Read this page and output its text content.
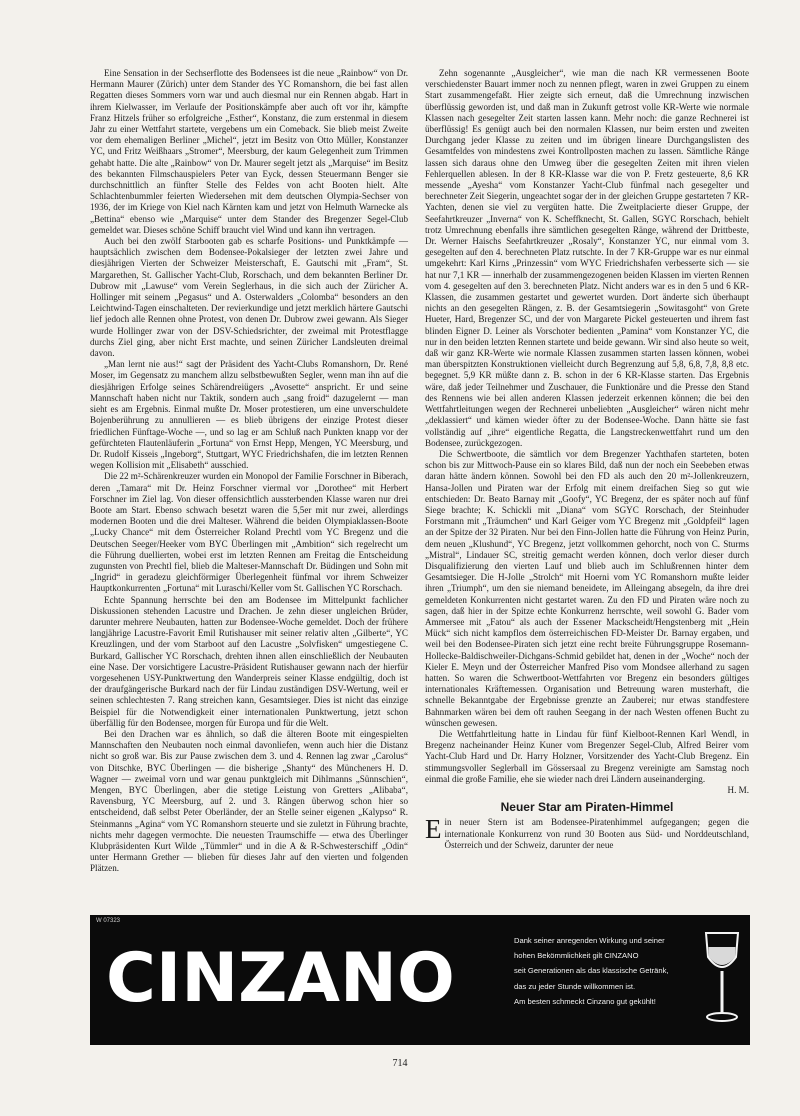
Eine Sensation in der Sechserflotte des Bodensees ist die neue „Rainbow“ von Dr. Hermann Maurer (Zürich) unter dem Stander des YC Romanshorn, die bei fast allen Regatten dieses Sommers vorn war und auch diesmal nur ein Rennen abgab. Hart in ihrem Kielwasser, im Verlaufe der Positionskämpfe aber auch oft vor ihr, kämpfte Franz Hitzels früher so erfolgreiche „Esther“, Konstanz, die zum erstenmal in diesem Jahr zu einer Wettfahrt startete, vergebens um ein Comeback. Sie blieb meist Zweite vor dem ehemaligen Berliner „Michel“, jetzt im Besitz von Otto Müller, Konstanzer YC, und Fritz Weißhaars „Stromer“, Meersburg, der kaum Gelegenheit zum Trimmen gehabt hatte. Die alte „Rainbow“ von Dr. Maurer segelt jetzt als „Marquise“ im Besitz des bekannten Filmschauspielers Peter van Eyck, dessen Steuermann Benger sie durchschnittlich an fünfter Stelle des Feldes von acht Booten hielt. Alte Schlachtenbummler feierten Wiedersehen mit dem deutschen Olympia-Sechser von 1936, der im Kriege von Kiel nach Kärnten kam und jetzt von Helmuth Warnecke als „Bettina“ ebenso wie „Marquise“ unter dem Stander des Bregenzer Segel-Club gemeldet war. Dieses schöne Schiff braucht viel Wind und kann ihn vertragen.

Auch bei den zwölf Starbooten gab es scharfe Positions- und Punktkämpfe — hauptsächlich zwischen dem Bodensee-Pokalsieger der letzten zwei Jahre und diesjährigen Vierten der Schweizer Meisterschaft, E. Gautschi mit „Fram“, St. Margarethen, St. Gallischer Yacht-Club, Rorschach, und dem bekannten Berliner Dr. Dubrow mit „Lawuse“ vom Verein Seglerhaus, in die sich auch der Züricher A. Hollinger mit seinem „Pegasus“ und A. Osterwalders „Colomba“ besonders an den Leichtwind-Tagen einschalteten. Der revierkundige und jetzt merklich härtere Gautschi lief jedoch alle Rennen ohne Protest, von denen Dr. Dubrow zwei gewann. Als Sieger wurde Hollinger zwar von der DSV-Schiedsrichter, der zweimal mit Protestflagge durchs Ziel ging, aber nicht Erst machte, und seinen Züricher Landsleuten dreimal davon.

„Man lernt nie aus!“ sagt der Präsident des Yacht-Clubs Romanshorn, Dr. René Moser, im Gegensatz zu manchem allzu selbstbewußten Segler, wenn man ihn auf die diesjährigen Erfolge seines Schärendreiügers „Avosette“ anspricht. Er und seine Mannschaft haben nicht nur Taktik, sondern auch „sang froid“ dazugelernt — man sieht es am Ergebnis. Einmal mußte Dr. Moser protestieren, um eine unverschuldete Bojenberührung zu annullieren — es blieb übrigens der einzige Protest dieser friedlichen Fünftage-Woche —, und so lag er am Schluß nach Punkten knapp vor der gefürchteten Flautenläuferin „Fortuna“ von Ernst Hepp, Mengen, YC Meersburg, und Dr. Rudolf Kisseis „Ingeborg“, Stuttgart, WYC Friedrichshafen, die im letzten Rennen wegen Kollision mit „Elisabeth“ ausschied.

Die 22 m²-Schärenkreuzer wurden ein Monopol der Familie Forschner in Biberach, deren „Tamara“ mit Dr. Heinz Forschner viermal vor „Dorothee“ mit Herbert Forschner im Ziel lag. Von dieser offensichtlich aussterbenden Klasse waren nur drei Boote am Start. Ebenso schwach besetzt waren die 5,5er mit nur zwei, allerdings modernen Booten und die drei Malteser. Während die beiden Olympiaklassen-Boote „Lucky Chance“ mit dem Österreicher Roland Prechtl vom YC Bregenz und die Deutschen Seeger/Heeker vom BYC Überlingen mit „Ambition“ sich regelrecht um die Führung duellierten, wobei erst im letzten Rennen am Freitag die Entscheidung zugunsten von Prechtl fiel, blieb die Malteser-Mannschaft Dr. Büdingen und Sohn mit „Ingrid“ in geradezu gleichförmiger Überlegenheit fünfmal vor ihrem Schweizer Hauptkonkurrenten „Fortuna“ mit Luraschi/Keller vom St. Gallischen YC Rorschach.

Echte Spannung herrschte bei den am Bodensee im Mittelpunkt fachlicher Diskussionen stehenden Lacustre und Drachen. Je zehn dieser ungleichen Brüder, darunter mehrere Neubauten, hatten zur Bodensee-Woche gemeldet. Doch der frühere langjährige Lacustre-Favorit Emil Rutishauser mit seiner relativ alten „Gilberte“, YC Kreuzlingen, und der vom Starboot auf den Lacustre „Solvfisken“ umgestiegene C. Burkard, Gallischer YC Rorschach, drehten ihnen allen einschließlich der Neubauten eine Nase. Der vorsichtigere Lacustre-Präsident Rutishauser gewann nach der hierfür vorgesehenen USY-Punktwertung den Wanderpreis seiner Klasse endgültig, doch ist der draufgängerische Burkard nach der für Lindau zuständigen DSV-Wertung, weil er seinen schlechtesten 7. Rang streichen kann, Gesamtsieger. Dies ist nicht das einzige Beispiel für die Notwendigkeit einer internationalen Punktwertung, jetzt schon überfällig für den Bodensee, morgen für Europa und für die Welt.

Bei den Drachen war es ähnlich, so daß die älteren Boote mit eingespielten Mannschaften den Neubauten noch einmal davonliefen, wenn auch hier die Distanz nicht so groß war. Bis zur Pause zwischen dem 3. und 4. Rennen lag zwar „Carolus“ von Ditschke, BYC Überlingen — die bisherige „Shanty“ des Müncheners H. D. Wagner — zweimal vorn und war genau punktgleich mit Dihlmanns „Sünnschien“, Mengen, BYC Überlingen, aber die stetige Leistung von Gretters „Alibaba“, Ravensburg, YC Meersburg, auf 2. und 3. Rängen überwog schon hier so entscheidend, daß selbst Peter Oberländer, der an Stelle seiner eigenen „Kalypso“ R. Steinmanns „Agina“ vom YC Romanshorn steuerte und sie zuletzt in Führung brachte, nichts mehr dagegen vermochte. Die neuesten Traumschiffe — etwa des Überlinger Klubpräsidenten Kurt Wilde „Tümmler“ und in die A & R-Schwesterschiff „Odin“ unter Hermann Grether — blieben für dieses Jahr auf den vierten und folgenden Plätzen.

Zehn sogenannte „Ausgleicher“, wie man die nach KR vermessenen Boote verschiedenster Bauart immer noch zu nennen pflegt, waren in zwei Gruppen zu einem Start zusammengefaßt. Hier zeigte sich erneut, daß die Umrechnung inzwischen überflüssig geworden ist, und daß man in Zukunft getrost volle KR-Werte wie normale Klassen nach gesegelter Zeit starten lassen kann. Mehr noch: die ganze Rechnerei ist überflüssig! Es genügt auch bei den normalen Klassen, nur beim ersten und zweiten Durchgang jeder Klasse zu zeiten und im übrigen lineare Durchgangslisten des Gesamtfeldes von mindestens zwei Kontrollposten machen zu lassen. Sämtliche Ränge lassen sich daraus ohne den Umweg über die gesegelten Zeiten mit ihren vielen Fehlerquellen ablesen. In der 8 KR-Klasse war die von P. Fretz gesteuerte, 8,6 KR messende „Ayesha“ vom Konstanzer Yacht-Club fünfmal nach gesegelter und berechneter Zeit Siegerin, ungeachtet sogar der in der gleichen Gruppe gestarteten 7 KR-Yachten, denen sie viel zu vergüten hatte. Die Zweitplacierte dieser Gruppe, der Seefahrtkreuzer „Inverna“ von K. Scheffknecht, St. Gallen, SGYC Rorschach, behielt trotz Umrechnung ebenfalls ihre sämtlichen gesegelten Ränge, während der Drittbeste, Dr. Werner Haischs Seefahrtkreuzer „Rosaly“, Konstanzer YC, nur einmal vom 3. gesegelten auf den 4. berechneten Platz rutschte. In der 7 KR-Gruppe war es nur einmal umgekehrt: Karl Kirns „Prinzessin“ vom WYC Friedrichshafen verbesserte sich — sie hat nur 7,1 KR — innerhalb der zusammengezogenen beiden Klassen im vierten Rennen vom 4. gesegelten auf den 3. berechneten Platz. Nicht anders war es in den 5 und 6 KR-Klassen, die zusammen gestartet und gewertet wurden. Dort änderte sich überhaupt nichts an den gesegelten Rängen, z. B. der Gesamtsiegerin „Sowitasgoht“ von Grete Hueter, Hard, Bregenzer SC, und der von Margarete Pickel gesteuerten und ihrem fast blinden Eigner D. Leiner als Vorschoter bedienten „Pamina“ vom Konstanzer YC, die nur in den beiden letzten Rennen startete und beide gewann. Wir sind also heute so weit, daß wir ganz KR-Werte wie normale Klassen zusammen starten lassen können, wobei man überspitzten Konstruktionen vielleicht durch Begrenzung auf 5,8, 6,8, 7,8, 8,8 etc. begegnet. 5,9 KR müßte dann z. B. schon in der 6 KR-Klasse starten. Das Ergebnis wäre, daß jeder Teilnehmer und Zuschauer, die Funktionäre und die Presse den Stand des Rennens wie bei allen anderen Klassen jederzeit erkennen können; die bei den Wettfahrtleitungen wegen der Rechnerei unbeliebten „Ausgleicher“ wären nicht mehr „deklassiert“ und kämen wieder öfter zu der Bodensee-Woche. Dann hätte sie fast vollständig auf „ihre“ eigentliche Regatta, die Langstreckenwettfahrt rund um den Bodensee, zurückgezogen.

Die Schwertboote, die sämtlich vor dem Bregenzer Yachthafen starteten, boten schon bis zur Mittwoch-Pause ein so klares Bild, daß nun der noch ein Seebeben etwas daran hätte ändern können. Sowohl bei den FD als auch den 20 m²-Jollenkreuzern, Hansa-Jollen und Piraten war der Erfolg mit einem dreifachen Sieg so gut wie entschieden: Dr. Beato Barnay mit „Goofy“, YC Bregenz, der es später noch auf fünf Siege brachte; K. Schickli mit „Diana“ vom SGYC Rorschach, der Steinhuder Forstmann mit „Träumchen“ und Karl Geiger vom YC Bregenz mit „Goldpfeil“ lagen an der Spitze der 32 Piraten. Nur bei den Finn-Jollen hatte die Führung von Heinz Purin, dem neuen „Klushund“, YC Bregenz, jetzt vollkommen gehorcht, noch von C. Sturms „Mistral“, Lindauer SC, streitig gemacht werden können, doch verlor dieser durch Disqualifizierung den vierten Lauf und blieb auch im Schlußrennen hinter dem Gesamtsieger. Die H-Jolle „Strolch“ mit Hoerni vom YC Romanshorn mußte leider ihren „Triumph“, um den sie niemand beneidete, im Alleingang absegeln, da ihre drei gemeldeten Konkurrenten nicht gestartet waren. Zu den FD und Piraten wäre noch zu sagen, daß hier in der Spitze echte Konkurrenz herrschte, weil sowohl G. Bader vom Ammersee mit „Fatou“ als auch der Essener Mackscheidt/Hengstenberg mit „Hein Mück“ sich nicht kampflos dem österreichischen FD-Meister Dr. Barnay ergaben, und weil bei den Bodensee-Piraten sich jetzt eine recht breite Führungsgruppe Rosemann-Hollecke-Baldischweiler-Dichgans-Schmid gebildet hat, denen in der „Woche“ noch der Kieler E. Meyn und der Österreicher Manfred Piso vom Mondsee allerhand zu sagen hatten. So waren die Schwertboot-Wettfahrten vor Bregenz ein besonders gültiges internationales Kräftemessen. Organisation und Betreuung waren musterhaft, die schnelle Bekanntgabe der Ergebnisse grenzte an Zauberei; nur etwas standfestere Bahnmarken wären bei dem oft rauhen Seegang in der nach Westen offenen Bucht zu wünschen gewesen.

Die Wettfahrtleitung hatte in Lindau für fünf Kielboot-Rennen Karl Wendl, in Bregenz nacheinander Heinz Kuner vom Bregenzer Segel-Club, Alfred Beirer vom Yacht-Club Hard und Dr. Harry Holzner, Vorsitzender des Yacht-Club Bregenz. Ein stimmungsvoller Seglerball im Gössersaal zu Bregenz vereinigte am Samstag noch einmal die große Familie, ehe sie wieder nach drei Ländern auseinanderging.

H. M.

Neuer Star am Piraten-Himmel

Ein neuer Stern ist am Bodensee-Piratenhimmel aufgegangen; gegen die internationale Konkurrenz von rund 30 Booten aus Süd- und Norddeutschland, Österreich und der Schweiz, darunter der neue

W 07323
CINZANO	Dank seiner anregenden Wirkung und seiner
hohen Bekömmlichkeit gilt CINZANO
seit Generationen als das klassische Getränk,
das zu jeder Stunde willkommen ist.
Am besten schmeckt Cinzano gut gekühlt!
714
